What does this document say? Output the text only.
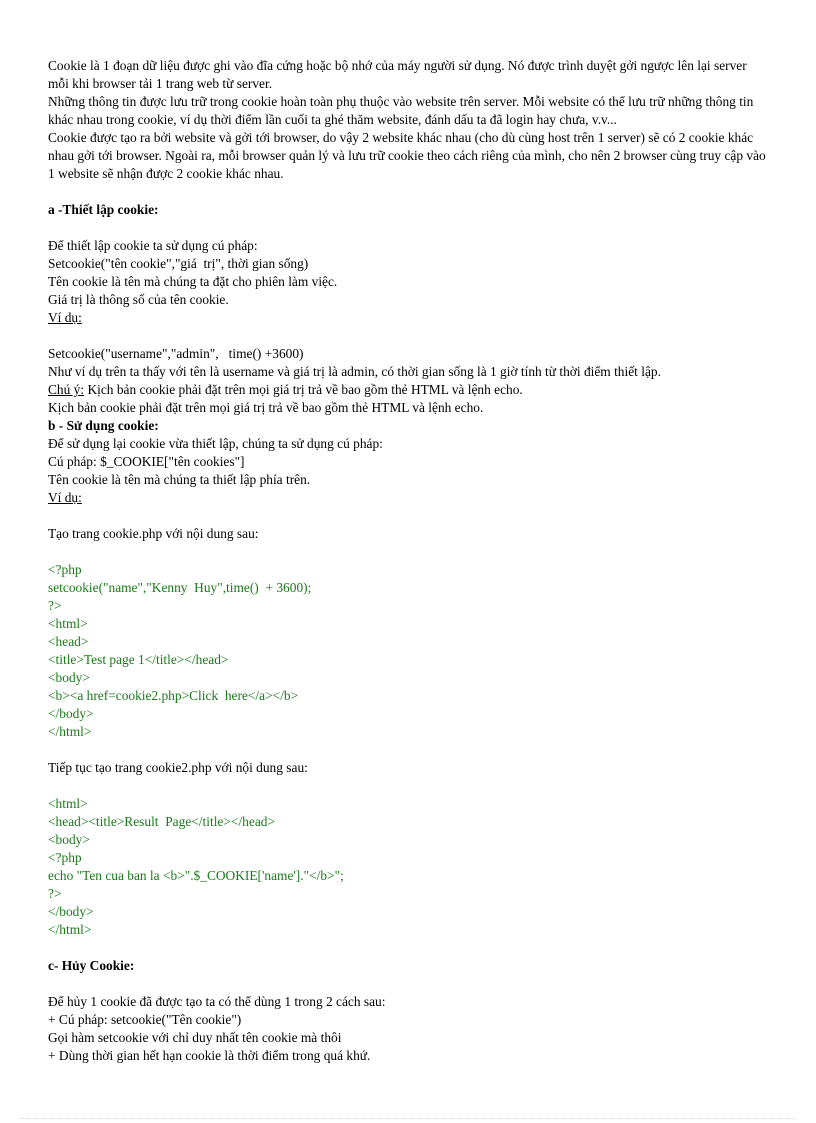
Cookie là 1 đoạn dữ liệu được ghi vào đĩa cứng hoặc bộ nhớ của máy người sử dụng. Nó được trình duyệt gởi ngược lên lại server mỗi khi browser tải 1 trang web từ server.
Những thông tin được lưu trữ trong cookie hoàn toàn phụ thuộc vào website trên server. Mỗi website có thể lưu trữ những thông tin khác nhau trong cookie, ví dụ thời điểm lần cuối ta ghé thăm website, đánh dấu ta đã login hay chưa, v.v...
Cookie được tạo ra bởi website và gởi tới browser, do vậy 2 website khác nhau (cho dù cùng host trên 1 server) sẽ có 2 cookie khác nhau gởi tới browser. Ngoài ra, mỗi browser quản lý và lưu trữ cookie theo cách riêng của mình, cho nên 2 browser cùng truy cập vào 1 website sẽ nhận được 2 cookie khác nhau.
a -Thiết lập cookie:
Để thiết lập cookie ta sử dụng cú pháp:
Setcookie("tên cookie","giá  trị", thời gian sống)
Tên cookie là tên mà chúng ta đặt cho phiên làm việc.
Giá trị là thông số của tên cookie.
Ví dụ:
Setcookie("username","admin",   time() +3600)
Như ví dụ trên ta thấy với tên là username và giá trị là admin, có thời gian sống là 1 giờ tính từ thời điểm thiết lập.
Chú ý: Kịch bản cookie phải đặt trên mọi giá trị trả về bao gồm thẻ HTML và lệnh echo.
Kịch bản cookie phải đặt trên mọi giá trị trả về bao gồm thẻ HTML và lệnh echo.
b - Sử dụng cookie:
Để sử dụng lại cookie vừa thiết lập, chúng ta sử dụng cú pháp:
Cú pháp: $_COOKIE["tên cookies"]
Tên cookie là tên mà chúng ta thiết lập phía trên.
Ví dụ:
Tạo trang cookie.php với nội dung sau:
<?php
setcookie("name","Kenny  Huy",time()  + 3600);
?>
<html>
<head>
<title>Test page 1</title></head>
<body>
<b><a href=cookie2.php>Click  here</a></b>
</body>
</html>
Tiếp tục tạo trang cookie2.php với nội dung sau:
<html>
<head><title>Result  Page</title></head>
<body>
<?php
echo "Ten cua ban la <b>".$_COOKIE['name']."</b>";
?>
</body>
</html>
c- Hủy Cookie:
Để hủy 1 cookie đã được tạo ta có thể dùng 1 trong 2 cách sau:
+ Cú pháp: setcookie("Tên cookie")
Gọi hàm setcookie với chỉ duy nhất tên cookie mà thôi
+ Dùng thời gian hết hạn cookie là thời điểm trong quá khứ.
